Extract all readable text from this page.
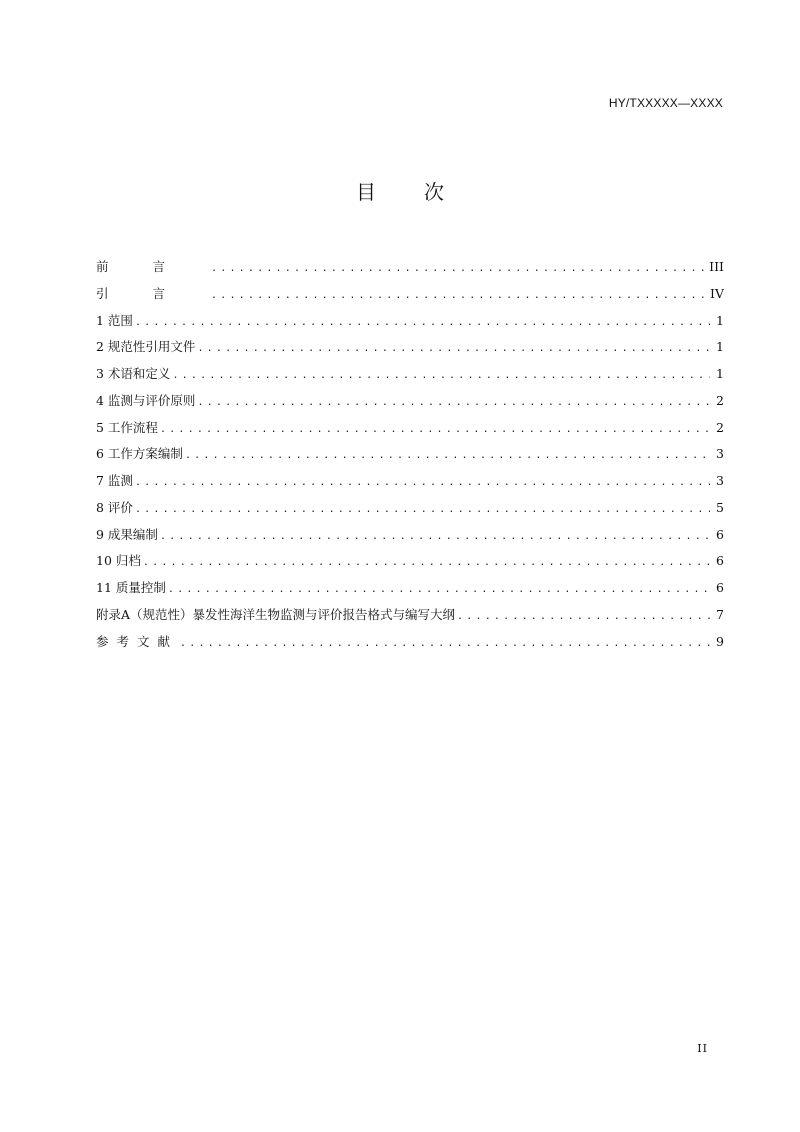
HY/TXXXXX—XXXX
目 次
前言 .....	III
引言 .....	IV
1 范围 .....	1
2 规范性引用文件 .....	1
3 术语和定义 .....	1
4 监测与评价原则 .....	2
5 工作流程 .....	2
6 工作方案编制 .....	3
7 监测 .....	3
8 评价 .....	5
9 成果编制 .....	6
10 归档 .....	6
11 质量控制 .....	6
附录A（规范性）暴发性海洋生物监测与评价报告格式与编写大纲 .....	7
参考文献 .....	9
II
